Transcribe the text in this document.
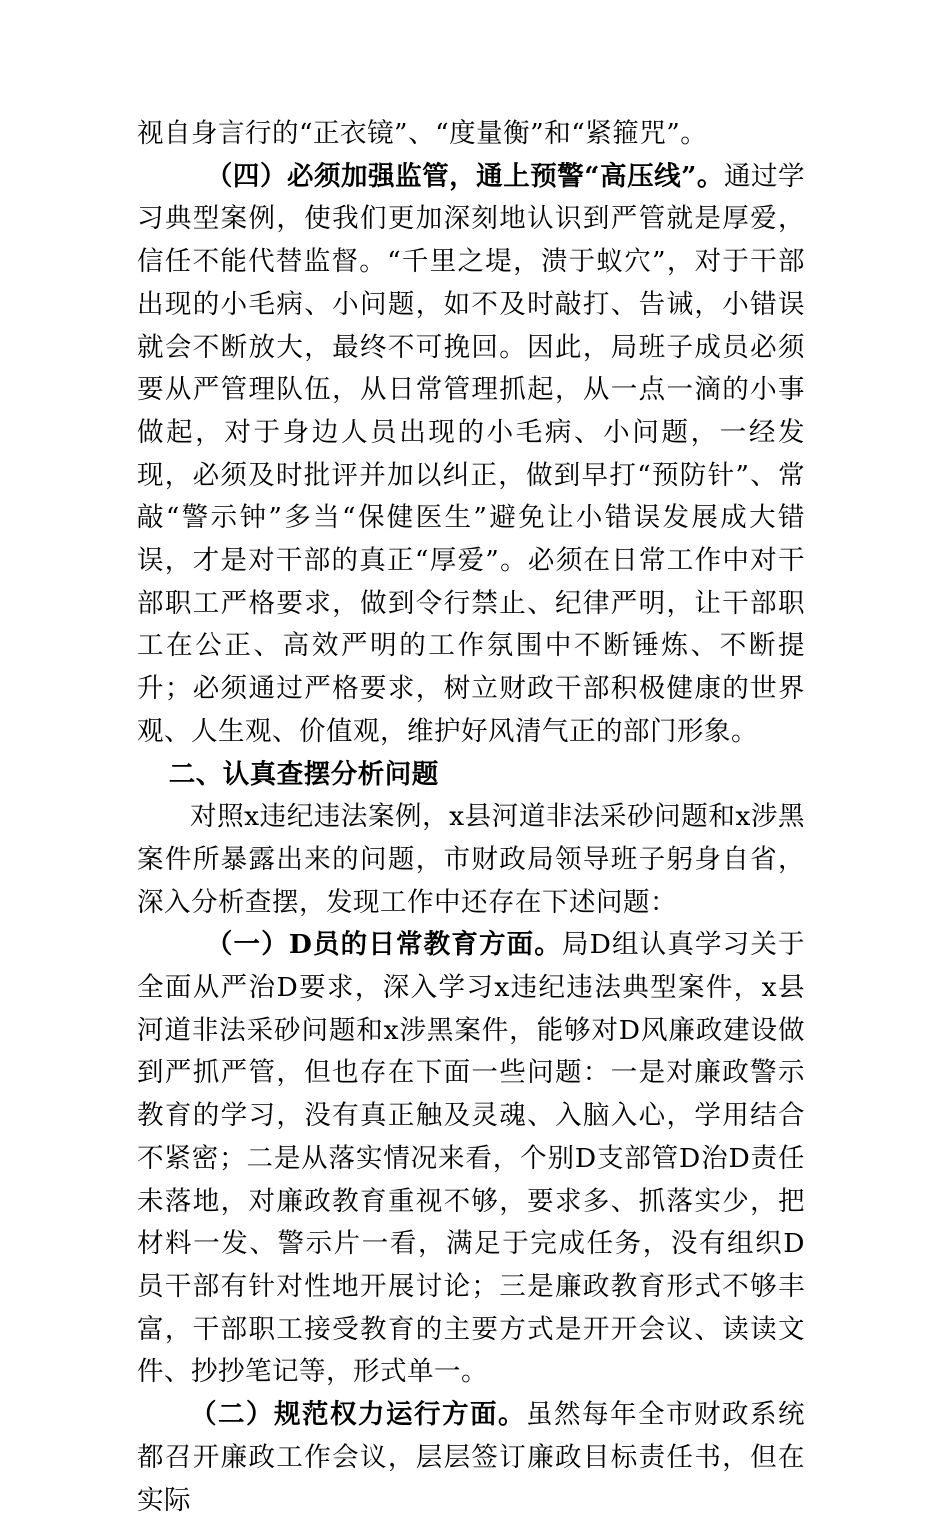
视自身言行的“正衣镜”、“度量衡”和“紧箍咒”。

（四）必须加强监管，通上预警“高压线”。通过学习典型案例，使我们更加深刻地认识到严管就是厚爱，信任不能代替监督。“千里之堤，溃于蚁穴”，对于干部出现的小毛病、小问题，如不及时敲打、告诫，小错误就会不断放大，最终不可挽回。因此，局班子成员必须要从严管理队伍，从日常管理抓起，从一点一滴的小事做起，对于身边人员出现的小毛病、小问题，一经发现，必须及时批评并加以纠正，做到早打“预防针”、常敲“警示钟”多当“保健医生”避免让小错误发展成大错误，才是对干部的真正“厚爱”。必须在日常工作中对干部职工严格要求，做到令行禁止、纪律严明，让干部职工在公正、高效严明的工作氛围中不断锤炼、不断提升；必须通过严格要求，树立财政干部积极健康的世界观、人生观、价值观，维护好风清气正的部门形象。

二、认真查摆分析问题

对照x违纪违法案例，x县河道非法采砂问题和x涉黑案件所暴露出来的问题，市财政局领导班子躬身自省，深入分析查摆，发现工作中还存在下述问题：

（一）D员的日常教育方面。局D组认真学习关于全面从严治D要求，深入学习x违纪违法典型案件，x县河道非法采砂问题和x涉黑案件，能够对D风廉政建设做到严抓严管，但也存在下面一些问题：一是对廉政警示教育的学习，没有真正触及灵魂、入脑入心，学用结合不紧密；二是从落实情况来看，个别D支部管D治D责任未落地，对廉政教育重视不够，要求多、抓落实少，把材料一发、警示片一看，满足于完成任务，没有组织D员干部有针对性地开展讨论；三是廉政教育形式不够丰富，干部职工接受教育的主要方式是开开会议、读读文件、抄抄笔记等，形式单一。

（二）规范权力运行方面。虽然每年全市财政系统都召开廉政工作会议，层层签订廉政目标责任书，但在实际
